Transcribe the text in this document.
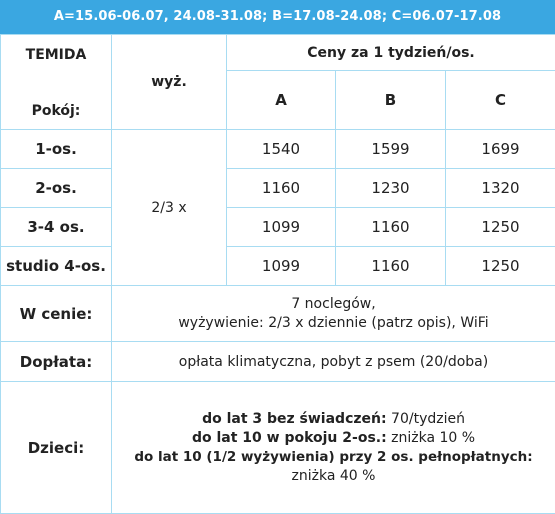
A=15.06-06.07, 24.08-31.08; B=17.08-24.08; C=06.07-17.08
TEMIDA
Pokój:	wyż.	Ceny za 1 tydzień/os.		
		A	B	C
1-os.	2/3 x	1540	1599	1699
2-os.		1160	1230	1320
3-4 os.		1099	1160	1250
studio 4-os.		1099	1160	1250
W cenie:	7 noclegów,
wyżywienie: 2/3 x dziennie (patrz opis), WiFi			

Dopłata:	opłata klimatyczna, pobyt z psem (20/doba)			
Dzieci:	do lat 3 bez świadczeń: 70/tydzień
do lat 10 w pokoju 2-os.: zniżka 10 %
do lat 10 (1/2 wyżywienia) przy 2 os. pełnopłatnych:
zniżka 40 %			
